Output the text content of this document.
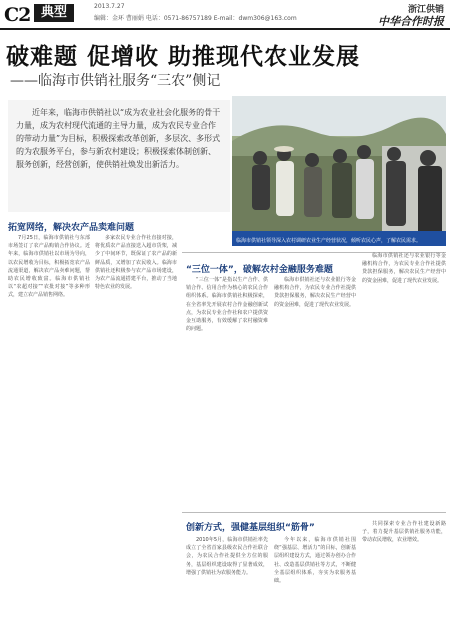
C2 典型	2013.7.27
编辑：金环 曹丽娟 电话：0571-86757189 E-mail：dwm306@163.com
浙江供销
中华合作时报
破难题 促增收 助推现代农业发展
——临海市供销社服务“三农”侧记
近年来，临海市供销社以“成为农业社会化服务的骨干力量，成为农村现代流通的主导力量，成为农民专业合作的带动力量”为目标，积极探索改革创新，多层次、多形式的为农服务平台，参与新农村建设；积极探索体制创新、服务创新，经营创新，使供销社焕发出新活力。
临海市供销社领导深入农村调研农业生产经营状况，倾听农民心声，了解农民需求。
拓宽网络，解决农产品卖难问题
“三位一体”，破解农村金融服务难题
创新方式，强健基层组织“筋骨”

7月25日，临海市供销社与东部市场签订了农产品购销合作协议。近年来，临海市供销社以市场为导向，以农民增收为目标，积极拓宽农产品流通渠道，解决农产品卖难问题，帮助农民增收致富。临海市供销社以“农超对接”“农批对接”等多种形式，建立农产品销售网络。

多家农民专业合作社直接对接，将优质农产品直接送入超市货架，减少了中间环节，既保证了农产品的新鲜品质，又增加了农民收入。临海市供销社还积极参与农产品市场建设，为农产品流通搭建平台，推动了当地特色农业的发展。

“三位一体”是指以生产合作、供销合作、信用合作为核心的农民合作组织体系。临海市供销社积极探索，在全省率先开展农村合作金融创新试点，为农民专业合作社和农户提供资金互助服务，有效缓解了农村融资难的问题。

临海市供销社还与农业银行等金融机构合作，为农民专业合作社提供贷款担保服务，解决农民生产经营中的资金困难，促进了现代农业发展。

临海市供销社还与农业银行等金融机构合作，为农民专业合作社提供贷款担保服务，解决农民生产经营中的资金困难，促进了现代农业发展。

2010年5月，临海市供销社率先成立了全省首家县级农民合作社联合会，为农民合作社提供全方位的服务，基层组织建设取得了显著成效，增强了供销社为农服务能力。

今年以来，临海市供销社围绕“强基层、增活力”的目标，创新基层组织建设方式，通过领办创办合作社、改造基层供销社等方式，不断健全基层组织体系，夯实为农服务基础。

共同探索专业合作社建设新路子，着力提升基层供销社服务功能，带动农民增收，农业增效。
